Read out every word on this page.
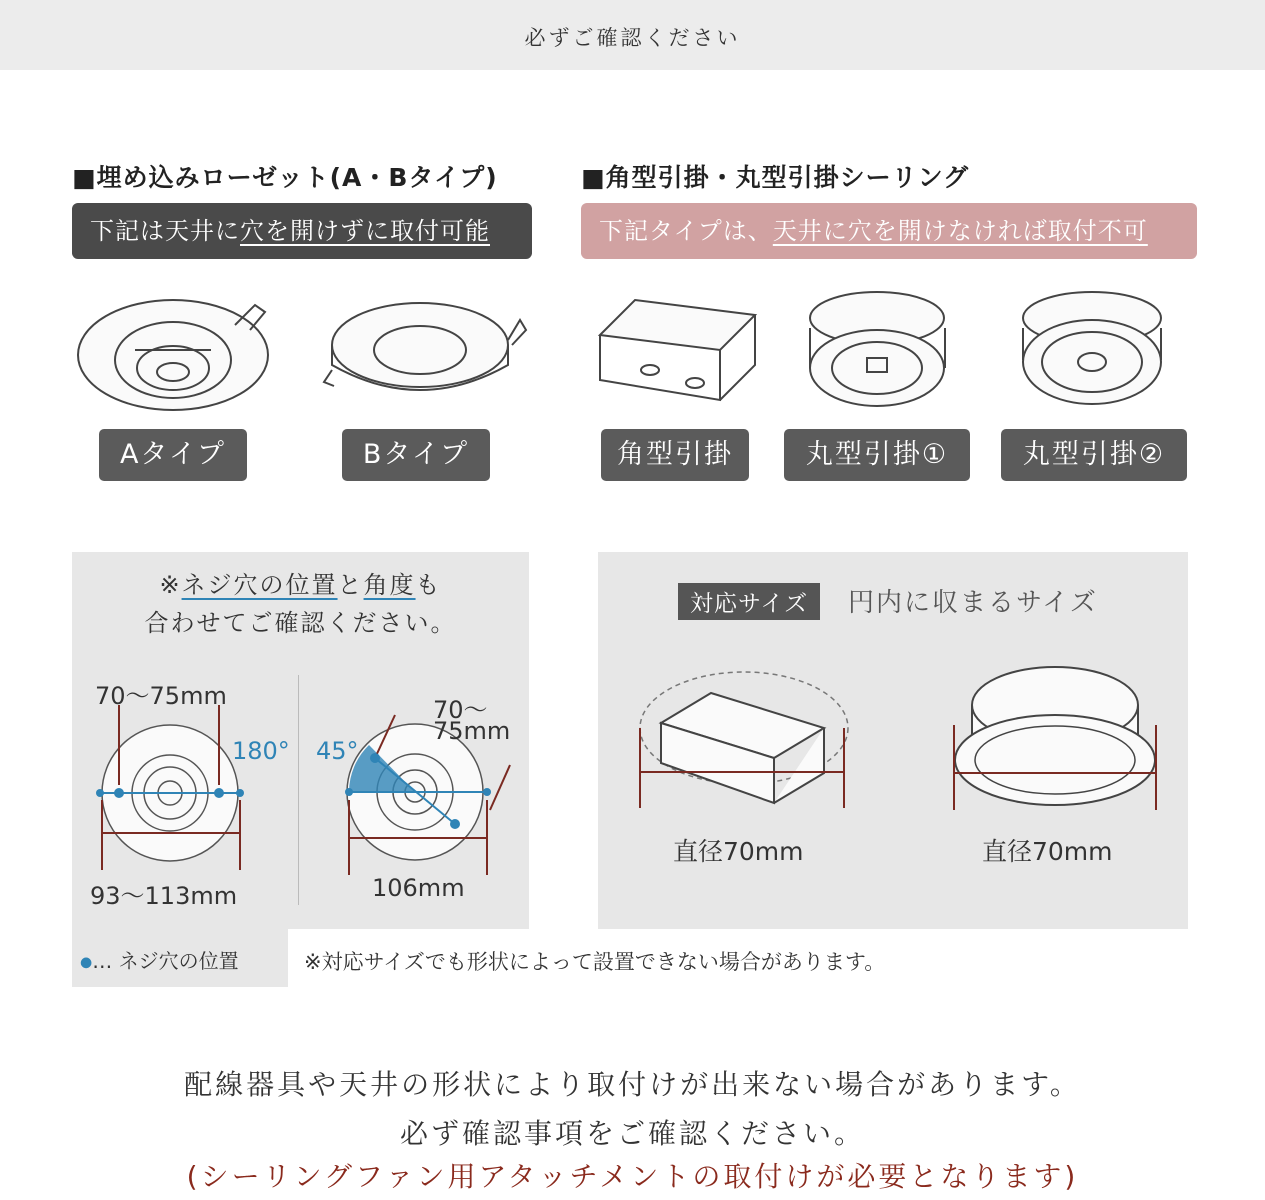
必ずご確認ください
■埋め込みローゼット(A・Bタイプ)
下記は天井に穴を開けずに取付可能
■角型引掛・丸型引掛シーリング
下記タイプは、天井に穴を開けなければ取付不可
Aタイプ	Bタイプ	角型引掛	丸型引掛①	丸型引掛②
※ネジ穴の位置と角度も
合わせてご確認ください。
70〜75mm
180°
93〜113mm
45°
70〜
75mm
106mm
●… ネジ穴の位置
対応サイズ	円内に収まるサイズ
直径70mm	直径70mm
※対応サイズでも形状によって設置できない場合があります。
配線器具や天井の形状により取付けが出来ない場合があります。
必ず確認事項をご確認ください。
(シーリングファン用アタッチメントの取付けが必要となります)
